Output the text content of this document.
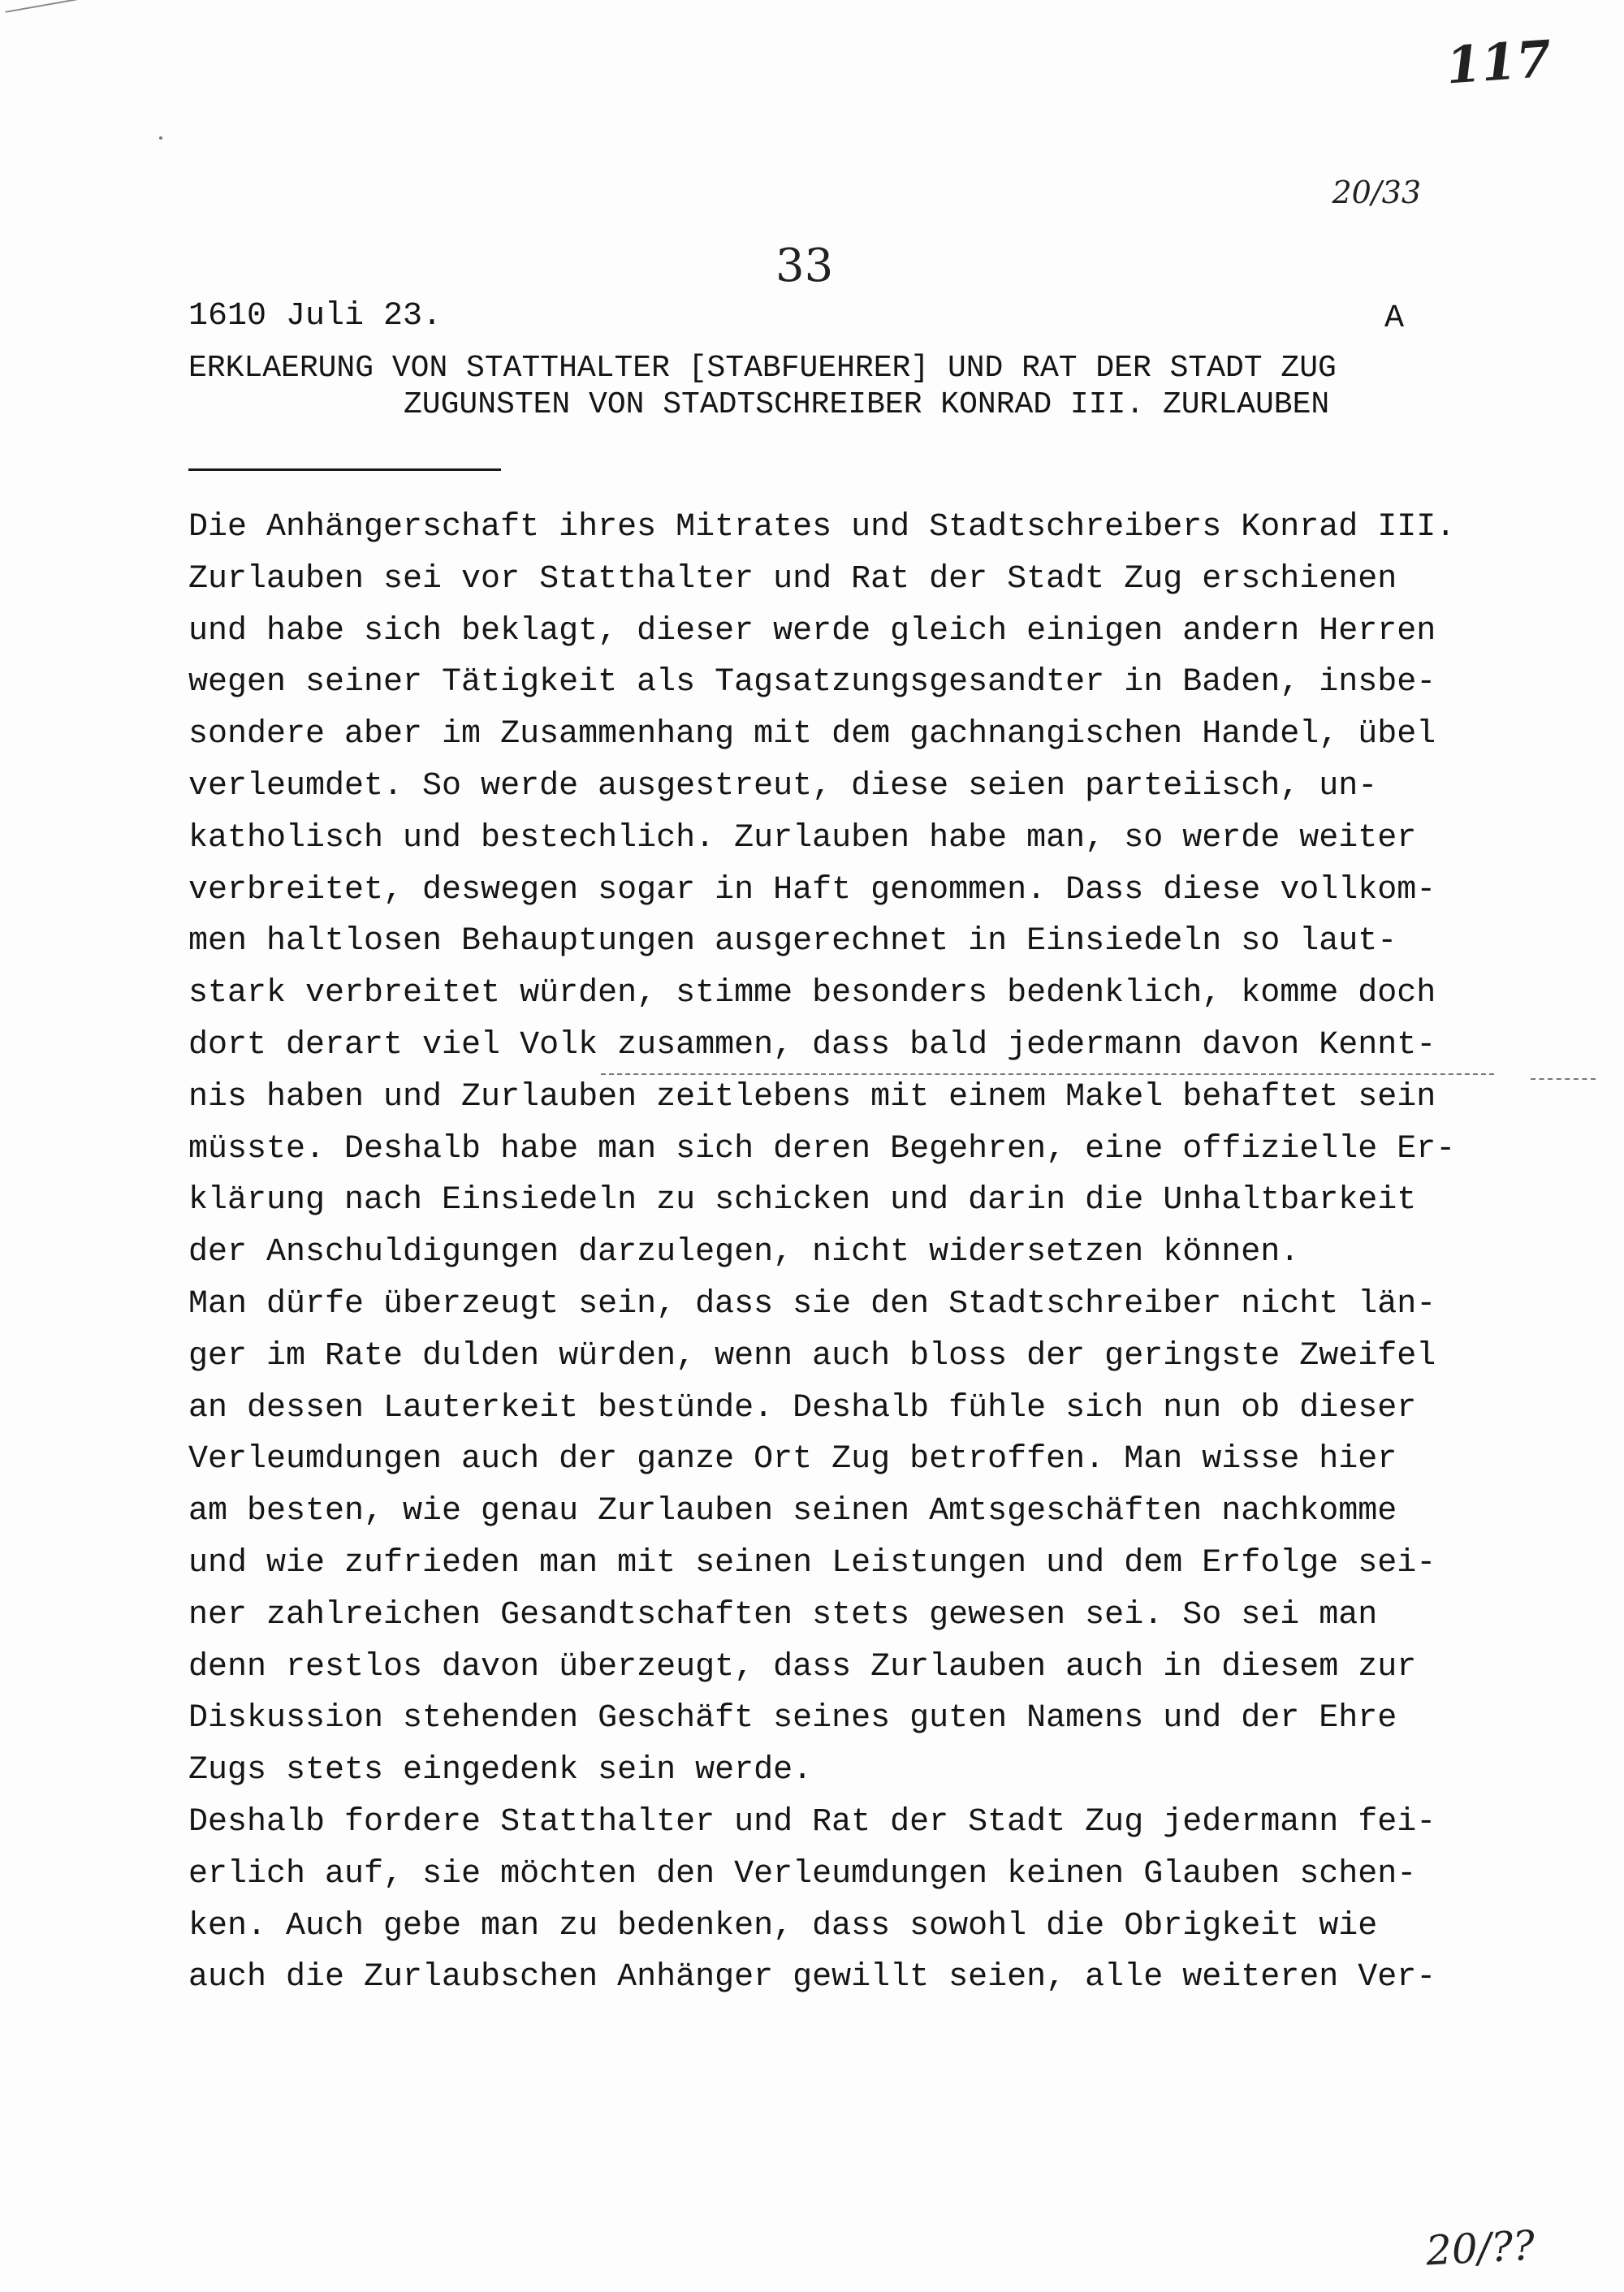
117
20/33
33
1610 Juli 23.	A
ERKLAERUNG VON STATTHALTER [STABFUEHRER] UND RAT DER STADT ZUG
ZUGUNSTEN VON STADTSCHREIBER KONRAD III. ZURLAUBEN
Die Anhängerschaft ihres Mitrates und Stadtschreibers Konrad III.
Zurlauben sei vor Statthalter und Rat der Stadt Zug erschienen
und habe sich beklagt, dieser werde gleich einigen andern Herren
wegen seiner Tätigkeit als Tagsatzungsgesandter in Baden, insbe-
sondere aber im Zusammenhang mit dem gachnangischen Handel, übel
verleumdet. So werde ausgestreut, diese seien parteiisch, un-
katholisch und bestechlich. Zurlauben habe man, so werde weiter
verbreitet, deswegen sogar in Haft genommen. Dass diese vollkom-
men haltlosen Behauptungen ausgerechnet in Einsiedeln so laut-
stark verbreitet würden, stimme besonders bedenklich, komme doch
dort derart viel Volk zusammen, dass bald jedermann davon Kennt-
nis haben und Zurlauben zeitlebens mit einem Makel behaftet sein
müsste. Deshalb habe man sich deren Begehren, eine offizielle Er-
klärung nach Einsiedeln zu schicken und darin die Unhaltbarkeit
der Anschuldigungen darzulegen, nicht widersetzen können.
Man dürfe überzeugt sein, dass sie den Stadtschreiber nicht län-
ger im Rate dulden würden, wenn auch bloss der geringste Zweifel
an dessen Lauterkeit bestünde. Deshalb fühle sich nun ob dieser
Verleumdungen auch der ganze Ort Zug betroffen. Man wisse hier
am besten, wie genau Zurlauben seinen Amtsgeschäften nachkomme
und wie zufrieden man mit seinen Leistungen und dem Erfolge sei-
ner zahlreichen Gesandtschaften stets gewesen sei. So sei man
denn restlos davon überzeugt, dass Zurlauben auch in diesem zur
Diskussion stehenden Geschäft seines guten Namens und der Ehre
Zugs stets eingedenk sein werde.
Deshalb fordere Statthalter und Rat der Stadt Zug jedermann fei-
erlich auf, sie möchten den Verleumdungen keinen Glauben schen-
ken. Auch gebe man zu bedenken, dass sowohl die Obrigkeit wie
auch die Zurlaubschen Anhänger gewillt seien, alle weiteren Ver-
20/??
